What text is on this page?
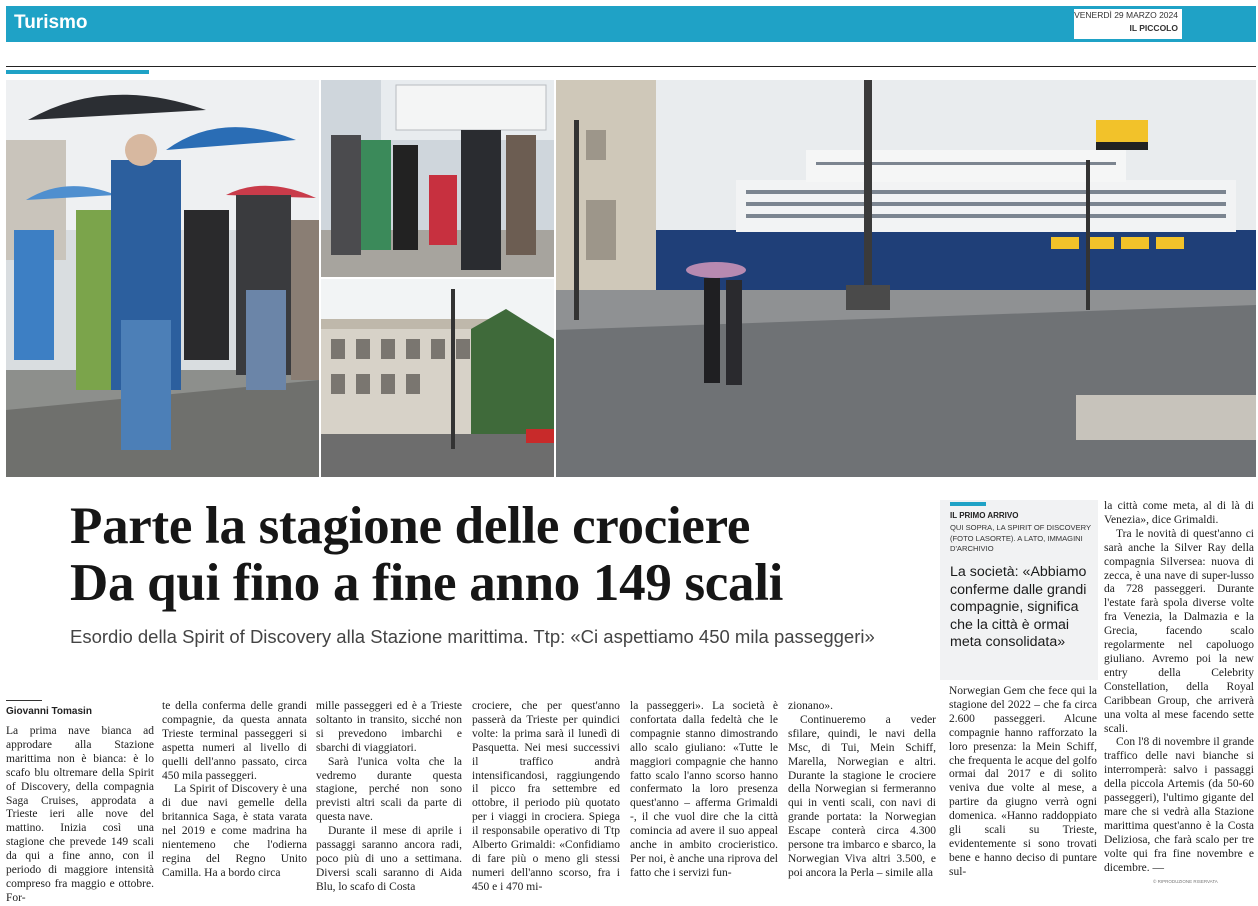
Turismo	VENERDÌ 29 MARZO 2024
IL PICCOLO
Parte la stagione delle crociere
Da qui fino a fine anno 149 scali
Esordio della Spirit of Discovery alla Stazione marittima. Ttp: «Ci aspettiamo 450 mila passeggeri»
IL PRIMO ARRIVO
QUI SOPRA, LA SPIRIT OF DISCOVERY (FOTO LASORTE). A LATO, IMMAGINI D'ARCHIVIO
La società: «Abbiamo conferme dalle grandi compagnie, significa che la città è ormai meta consolidata»
Giovanni Tomasin

La prima nave bianca ad approdare alla Stazione marittima non è bianca: è lo scafo blu oltremare della Spirit of Discovery, della compagnia Saga Cruises, approdata a Trieste ieri alle nove del mattino. Inizia così una stagione che prevede 149 scali da qui a fine anno, con il periodo di maggiore intensità compreso fra maggio e ottobre. For-

te della conferma delle grandi compagnie, da questa annata Trieste terminal passeggeri si aspetta numeri al livello di quelli dell'anno passato, circa 450 mila passeggeri.

La Spirit of Discovery è una di due navi gemelle della britannica Saga, è stata varata nel 2019 e come madrina ha nientemeno che l'odierna regina del Regno Unito Camilla. Ha a bordo circa

mille passeggeri ed è a Trieste soltanto in transito, sicché non si prevedono imbarchi e sbarchi di viaggiatori.

Sarà l'unica volta che la vedremo durante questa stagione, perché non sono previsti altri scali da parte di questa nave.

Durante il mese di aprile i passaggi saranno ancora radi, poco più di uno a settimana. Diversi scali saranno di Aida Blu, lo scafo di Costa

crociere, che per quest'anno passerà da Trieste per quindici volte: la prima sarà il lunedì di Pasquetta. Nei mesi successivi il traffico andrà intensificandosi, raggiungendo il picco fra settembre ed ottobre, il periodo più quotato per i viaggi in crociera. Spiega il responsabile operativo di Ttp Alberto Grimaldi: «Confidiamo di fare più o meno gli stessi numeri dell'anno scorso, fra i 450 e i 470 mi-

la passeggeri». La società è confortata dalla fedeltà che le compagnie stanno dimostrando allo scalo giuliano: «Tutte le maggiori compagnie che hanno fatto scalo l'anno scorso hanno confermato la loro presenza quest'anno – afferma Grimaldi -, il che vuol dire che la città comincia ad avere il suo appeal anche in ambito crocieristico. Per noi, è anche una riprova del fatto che i servizi fun-

zionano».

Continueremo a veder sfilare, quindi, le navi della Msc, di Tui, Mein Schiff, Marella, Norwegian e altri. Durante la stagione le crociere della Norwegian si fermeranno qui in venti scali, con navi di grande portata: la Norwegian Escape conterà circa 4.300 persone tra imbarco e sbarco, la Norwegian Viva altri 3.500, e poi ancora la Perla – simile alla

Norwegian Gem che fece qui la stagione del 2022 – che fa circa 2.600 passeggeri. Alcune compagnie hanno rafforzato la loro presenza: la Mein Schiff, che frequenta le acque del golfo ormai dal 2017 e di solito veniva due volte al mese, a partire da giugno verrà ogni domenica. «Hanno raddoppiato gli scali su Trieste, evidentemente si sono trovati bene e hanno deciso di puntare sul-

la città come meta, al di là di Venezia», dice Grimaldi.

Tra le novità di quest'anno ci sarà anche la Silver Ray della compagnia Silversea: nuova di zecca, è una nave di super-lusso da 728 passeggeri. Durante l'estate farà spola diverse volte fra Venezia, la Dalmazia e la Grecia, facendo scalo regolarmente nel capoluogo giuliano. Avremo poi la new entry della Celebrity Constellation, della Royal Caribbean Group, che arriverà una volta al mese facendo sette scali.

Con l'8 di novembre il grande traffico delle navi bianche si interromperà: salvo i passaggi della piccola Artemis (da 50-60 passeggeri), l'ultimo gigante del mare che si vedrà alla Stazione marittima quest'anno è la Costa Deliziosa, che farà scalo per tre volte qui fra fine novembre e dicembre. —

© RIPRODUZIONE RISERVATA
